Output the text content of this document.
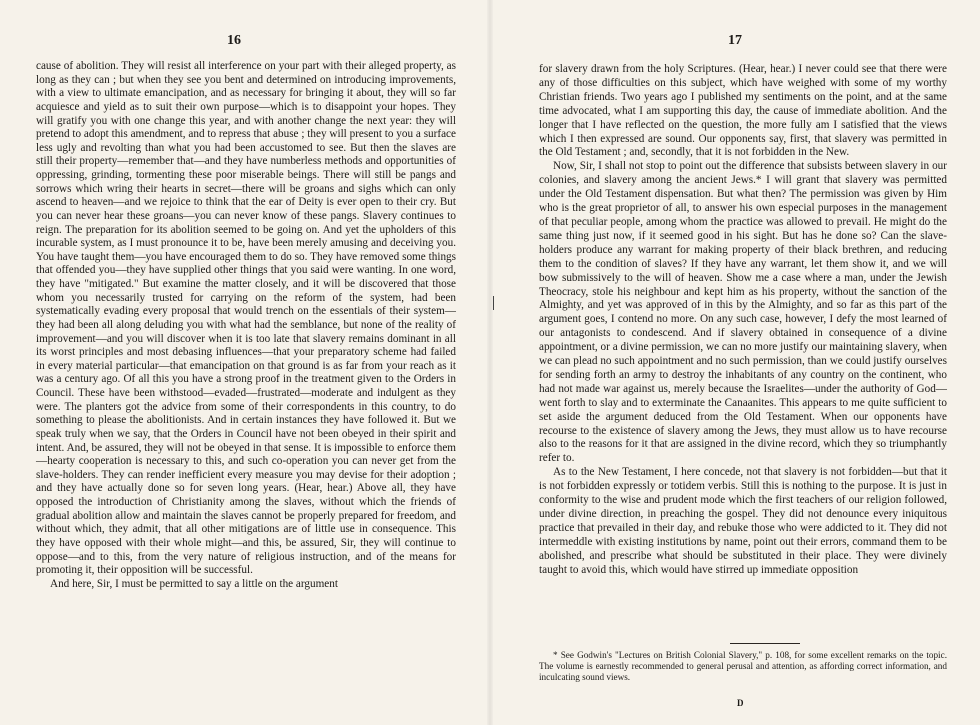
16

cause of abolition. They will resist all interference on your part with their alleged property, as long as they can ; but when they see you bent and determined on introducing improvements, with a view to ultimate emancipation, and as necessary for bringing it about, they will so far acquiesce and yield as to suit their own purpose—which is to disappoint your hopes. They will gratify you with one change this year, and with another change the next year: they will pretend to adopt this amendment, and to repress that abuse ; they will present to you a surface less ugly and revolting than what you had been accustomed to see. But then the slaves are still their property—remember that—and they have numberless methods and opportunities of oppressing, grinding, tormenting these poor miserable beings. There will still be pangs and sorrows which wring their hearts in secret—there will be groans and sighs which can only ascend to heaven—and we rejoice to think that the ear of Deity is ever open to their cry. But you can never hear these groans—you can never know of these pangs. Slavery continues to reign. The preparation for its abolition seemed to be going on. And yet the upholders of this incurable system, as I must pronounce it to be, have been merely amusing and deceiving you. You have taught them—you have encouraged them to do so. They have removed some things that offended you—they have supplied other things that you said were wanting. In one word, they have "mitigated." But examine the matter closely, and it will be discovered that those whom you necessarily trusted for carrying on the reform of the system, had been systematically evading every proposal that would trench on the essentials of their system—they had been all along deluding you with what had the semblance, but none of the reality of improvement—and you will discover when it is too late that slavery remains dominant in all its worst principles and most debasing influences—that your preparatory scheme had failed in every material particular—that emancipation on that ground is as far from your reach as it was a century ago. Of all this you have a strong proof in the treatment given to the Orders in Council. These have been withstood—evaded—frustrated—moderate and indulgent as they were. The planters got the advice from some of their correspondents in this country, to do something to please the abolitionists. And in certain instances they have followed it. But we speak truly when we say, that the Orders in Council have not been obeyed in their spirit and intent. And, be assured, they will not be obeyed in that sense. It is impossible to enforce them—hearty cooperation is necessary to this, and such co-operation you can never get from the slave-holders. They can render inefficient every measure you may devise for their adoption ; and they have actually done so for seven long years. (Hear, hear.) Above all, they have opposed the introduction of Christianity among the slaves, without which the friends of gradual abolition allow and maintain the slaves cannot be properly prepared for freedom, and without which, they admit, that all other mitigations are of little use in consequence. This they have opposed with their whole might—and this, be assured, Sir, they will continue to oppose—and to this, from the very nature of religious instruction, and of the means for promoting it, their opposition will be successful.

And here, Sir, I must be permitted to say a little on the argument

17

for slavery drawn from the holy Scriptures. (Hear, hear.) I never could see that there were any of those difficulties on this subject, which have weighed with some of my worthy Christian friends. Two years ago I published my sentiments on the point, and at the same time advocated, what I am supporting this day, the cause of immediate abolition. And the longer that I have reflected on the question, the more fully am I satisfied that the views which I then expressed are sound. Our opponents say, first, that slavery was permitted in the Old Testament ; and, secondly, that it is not forbidden in the New.

Now, Sir, I shall not stop to point out the difference that subsists between slavery in our colonies, and slavery among the ancient Jews.* I will grant that slavery was permitted under the Old Testament dispensation. But what then? The permission was given by Him who is the great proprietor of all, to answer his own especial purposes in the management of that peculiar people, among whom the practice was allowed to prevail. He might do the same thing just now, if it seemed good in his sight. But has he done so? Can the slave-holders produce any warrant for making property of their black brethren, and reducing them to the condition of slaves? If they have any warrant, let them show it, and we will bow submissively to the will of heaven. Show me a case where a man, under the Jewish Theocracy, stole his neighbour and kept him as his property, without the sanction of the Almighty, and yet was approved of in this by the Almighty, and so far as this part of the argument goes, I contend no more. On any such case, however, I defy the most learned of our antagonists to condescend. And if slavery obtained in consequence of a divine appointment, or a divine permission, we can no more justify our maintaining slavery, when we can plead no such appointment and no such permission, than we could justify ourselves for sending forth an army to destroy the inhabitants of any country on the continent, who had not made war against us, merely because the Israelites—under the authority of God—went forth to slay and to exterminate the Canaanites. This appears to me quite sufficient to set aside the argument deduced from the Old Testament. When our opponents have recourse to the existence of slavery among the Jews, they must allow us to have recourse also to the reasons for it that are assigned in the divine record, which they so triumphantly refer to.

As to the New Testament, I here concede, not that slavery is not forbidden—but that it is not forbidden expressly or totidem verbis. Still this is nothing to the purpose. It is just in conformity to the wise and prudent mode which the first teachers of our religion followed, under divine direction, in preaching the gospel. They did not denounce every iniquitous practice that prevailed in their day, and rebuke those who were addicted to it. They did not intermeddle with existing institutions by name, point out their errors, command them to be abolished, and prescribe what should be substituted in their place. They were divinely taught to avoid this, which would have stirred up immediate opposition

* See Godwin's "Lectures on British Colonial Slavery," p. 108, for some excellent remarks on the topic. The volume is earnestly recommended to general perusal and attention, as affording correct information, and inculcating sound views.

D
